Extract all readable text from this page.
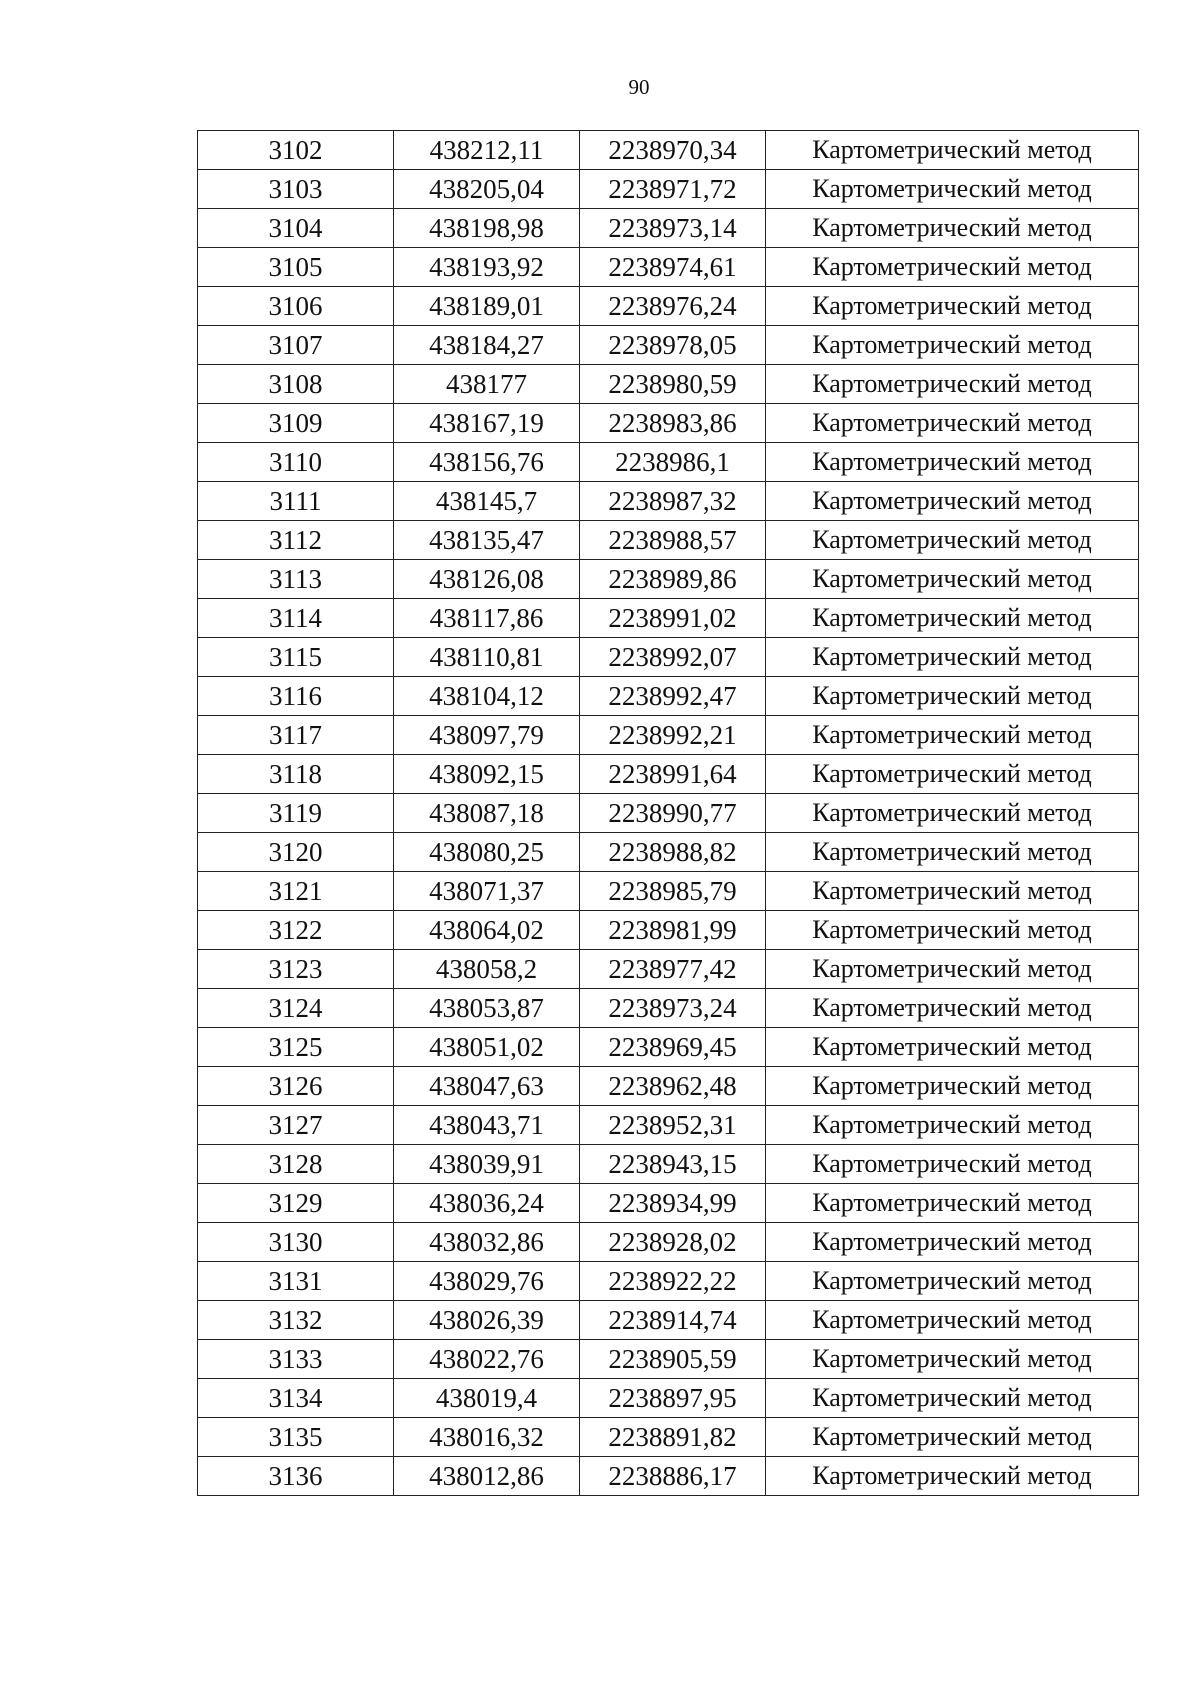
90
3102	438212,11	2238970,34	Картометрический метод
3103	438205,04	2238971,72	Картометрический метод
3104	438198,98	2238973,14	Картометрический метод
3105	438193,92	2238974,61	Картометрический метод
3106	438189,01	2238976,24	Картометрический метод
3107	438184,27	2238978,05	Картометрический метод
3108	438177	2238980,59	Картометрический метод
3109	438167,19	2238983,86	Картометрический метод
3110	438156,76	2238986,1	Картометрический метод
3111	438145,7	2238987,32	Картометрический метод
3112	438135,47	2238988,57	Картометрический метод
3113	438126,08	2238989,86	Картометрический метод
3114	438117,86	2238991,02	Картометрический метод
3115	438110,81	2238992,07	Картометрический метод
3116	438104,12	2238992,47	Картометрический метод
3117	438097,79	2238992,21	Картометрический метод
3118	438092,15	2238991,64	Картометрический метод
3119	438087,18	2238990,77	Картометрический метод
3120	438080,25	2238988,82	Картометрический метод
3121	438071,37	2238985,79	Картометрический метод
3122	438064,02	2238981,99	Картометрический метод
3123	438058,2	2238977,42	Картометрический метод
3124	438053,87	2238973,24	Картометрический метод
3125	438051,02	2238969,45	Картометрический метод
3126	438047,63	2238962,48	Картометрический метод
3127	438043,71	2238952,31	Картометрический метод
3128	438039,91	2238943,15	Картометрический метод
3129	438036,24	2238934,99	Картометрический метод
3130	438032,86	2238928,02	Картометрический метод
3131	438029,76	2238922,22	Картометрический метод
3132	438026,39	2238914,74	Картометрический метод
3133	438022,76	2238905,59	Картометрический метод
3134	438019,4	2238897,95	Картометрический метод
3135	438016,32	2238891,82	Картометрический метод
3136	438012,86	2238886,17	Картометрический метод
